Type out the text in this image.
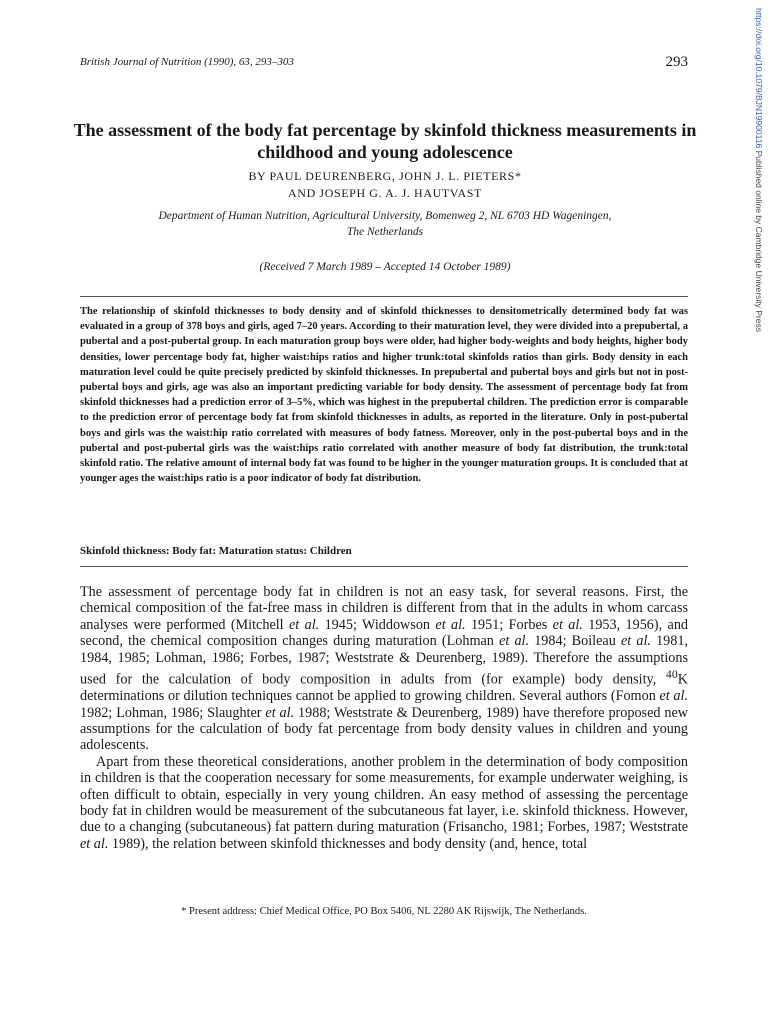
British Journal of Nutrition (1990), 63, 293–303	293	https://doi.org/10.1079/BJN19900116 Published online by Cambridge University Press
The assessment of the body fat percentage by skinfold thickness measurements in childhood and young adolescence
BY PAUL DEURENBERG, JOHN J. L. PIETERS*
AND JOSEPH G. A. J. HAUTVAST
Department of Human Nutrition, Agricultural University, Bomenweg 2, NL 6703 HD Wageningen,
The Netherlands
(Received 7 March 1989 – Accepted 14 October 1989)

The relationship of skinfold thicknesses to body density and of skinfold thicknesses to densitometrically determined body fat was evaluated in a group of 378 boys and girls, aged 7–20 years. According to their maturation level, they were divided into a prepubertal, a pubertal and a post-pubertal group. In each maturation group boys were older, had higher body-weights and body heights, higher body densities, lower percentage body fat, higher waist:hips ratios and higher trunk:total skinfolds ratios than girls. Body density in each maturation level could be quite precisely predicted by skinfold thicknesses. In prepubertal and pubertal boys and girls but not in post-pubertal boys and girls, age was also an important predicting variable for body density. The assessment of percentage body fat from skinfold thicknesses had a prediction error of 3–5%, which was highest in the prepubertal children. The prediction error is comparable to the prediction error of percentage body fat from skinfold thicknesses in adults, as reported in the literature. Only in post-pubertal boys and girls was the waist:hip ratio correlated with measures of body fatness. Moreover, only in the post-pubertal boys and in the pubertal and post-pubertal girls was the waist:hips ratio correlated with another measure of body fat distribution, the trunk:total skinfold ratio. The relative amount of internal body fat was found to be higher in the younger maturation groups. It is concluded that at younger ages the waist:hips ratio is a poor indicator of body fat distribution.

Skinfold thickness: Body fat: Maturation status: Children

The assessment of percentage body fat in children is not an easy task, for several reasons. First, the chemical composition of the fat-free mass in children is different from that in the adults in whom carcass analyses were performed (Mitchell et al. 1945; Widdowson et al. 1951; Forbes et al. 1953, 1956), and second, the chemical composition changes during maturation (Lohman et al. 1984; Boileau et al. 1981, 1984, 1985; Lohman, 1986; Forbes, 1987; Weststrate & Deurenberg, 1989). Therefore the assumptions used for the calculation of body composition in adults from (for example) body density, $^{40}$K determinations or dilution techniques cannot be applied to growing children. Several authors (Fomon et al. 1982; Lohman, 1986; Slaughter et al. 1988; Weststrate & Deurenberg, 1989) have therefore proposed new assumptions for the calculation of body fat percentage from body density values in children and young adolescents.

Apart from these theoretical considerations, another problem in the determination of body composition in children is that the cooperation necessary for some measurements, for example underwater weighing, is often difficult to obtain, especially in very young children. An easy method of assessing the percentage body fat in children would be measurement of the subcutaneous fat layer, i.e. skinfold thickness. However, due to a changing (subcutaneous) fat pattern during maturation (Frisancho, 1981; Forbes, 1987; Weststrate et al. 1989), the relation between skinfold thicknesses and body density (and, hence, total

* Present address: Chief Medical Office, PO Box 5406, NL 2280 AK Rijswijk, The Netherlands.
